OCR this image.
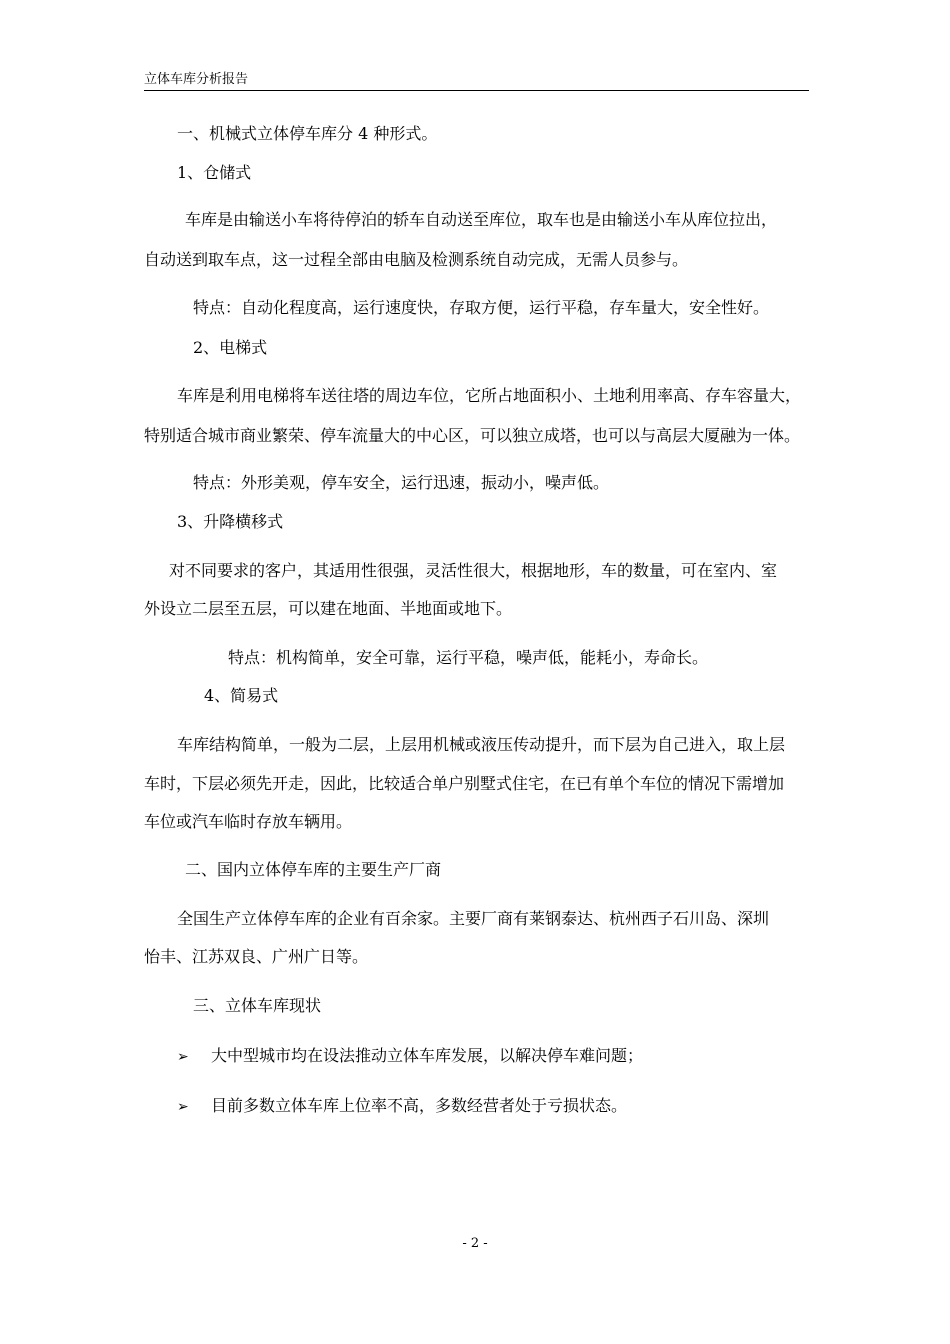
立体车库分析报告
一、机械式立体停车库分 4 种形式。
1、仓储式
车库是由输送小车将待停泊的轿车自动送至库位，取车也是由输送小车从库位拉出，
自动送到取车点，这一过程全部由电脑及检测系统自动完成，无需人员参与。
特点：自动化程度高，运行速度快，存取方便，运行平稳，存车量大，安全性好。
2、电梯式
车库是利用电梯将车送往塔的周边车位，它所占地面积小、土地利用率高、存车容量大，
特别适合城市商业繁荣、停车流量大的中心区，可以独立成塔，也可以与高层大厦融为一体。
特点：外形美观，停车安全，运行迅速，振动小，噪声低。
3、升降横移式
对不同要求的客户，其适用性很强，灵活性很大，根据地形，车的数量，可在室内、室
外设立二层至五层，可以建在地面、半地面或地下。
特点：机构简单，安全可靠，运行平稳，噪声低，能耗小，寿命长。
4、简易式
车库结构简单，一般为二层，上层用机械或液压传动提升，而下层为自己进入，取上层
车时，下层必须先开走，因此，比较适合单户别墅式住宅，在已有单个车位的情况下需增加
车位或汽车临时存放车辆用。
二、国内立体停车库的主要生产厂商
全国生产立体停车库的企业有百余家。主要厂商有莱钢泰达、杭州西子石川岛、深圳
怡丰、江苏双良、广州广日等。
三、立体车库现状
➢ 大中型城市均在设法推动立体车库发展，以解决停车难问题；
➢ 目前多数立体车库上位率不高，多数经营者处于亏损状态。
- 2 -
